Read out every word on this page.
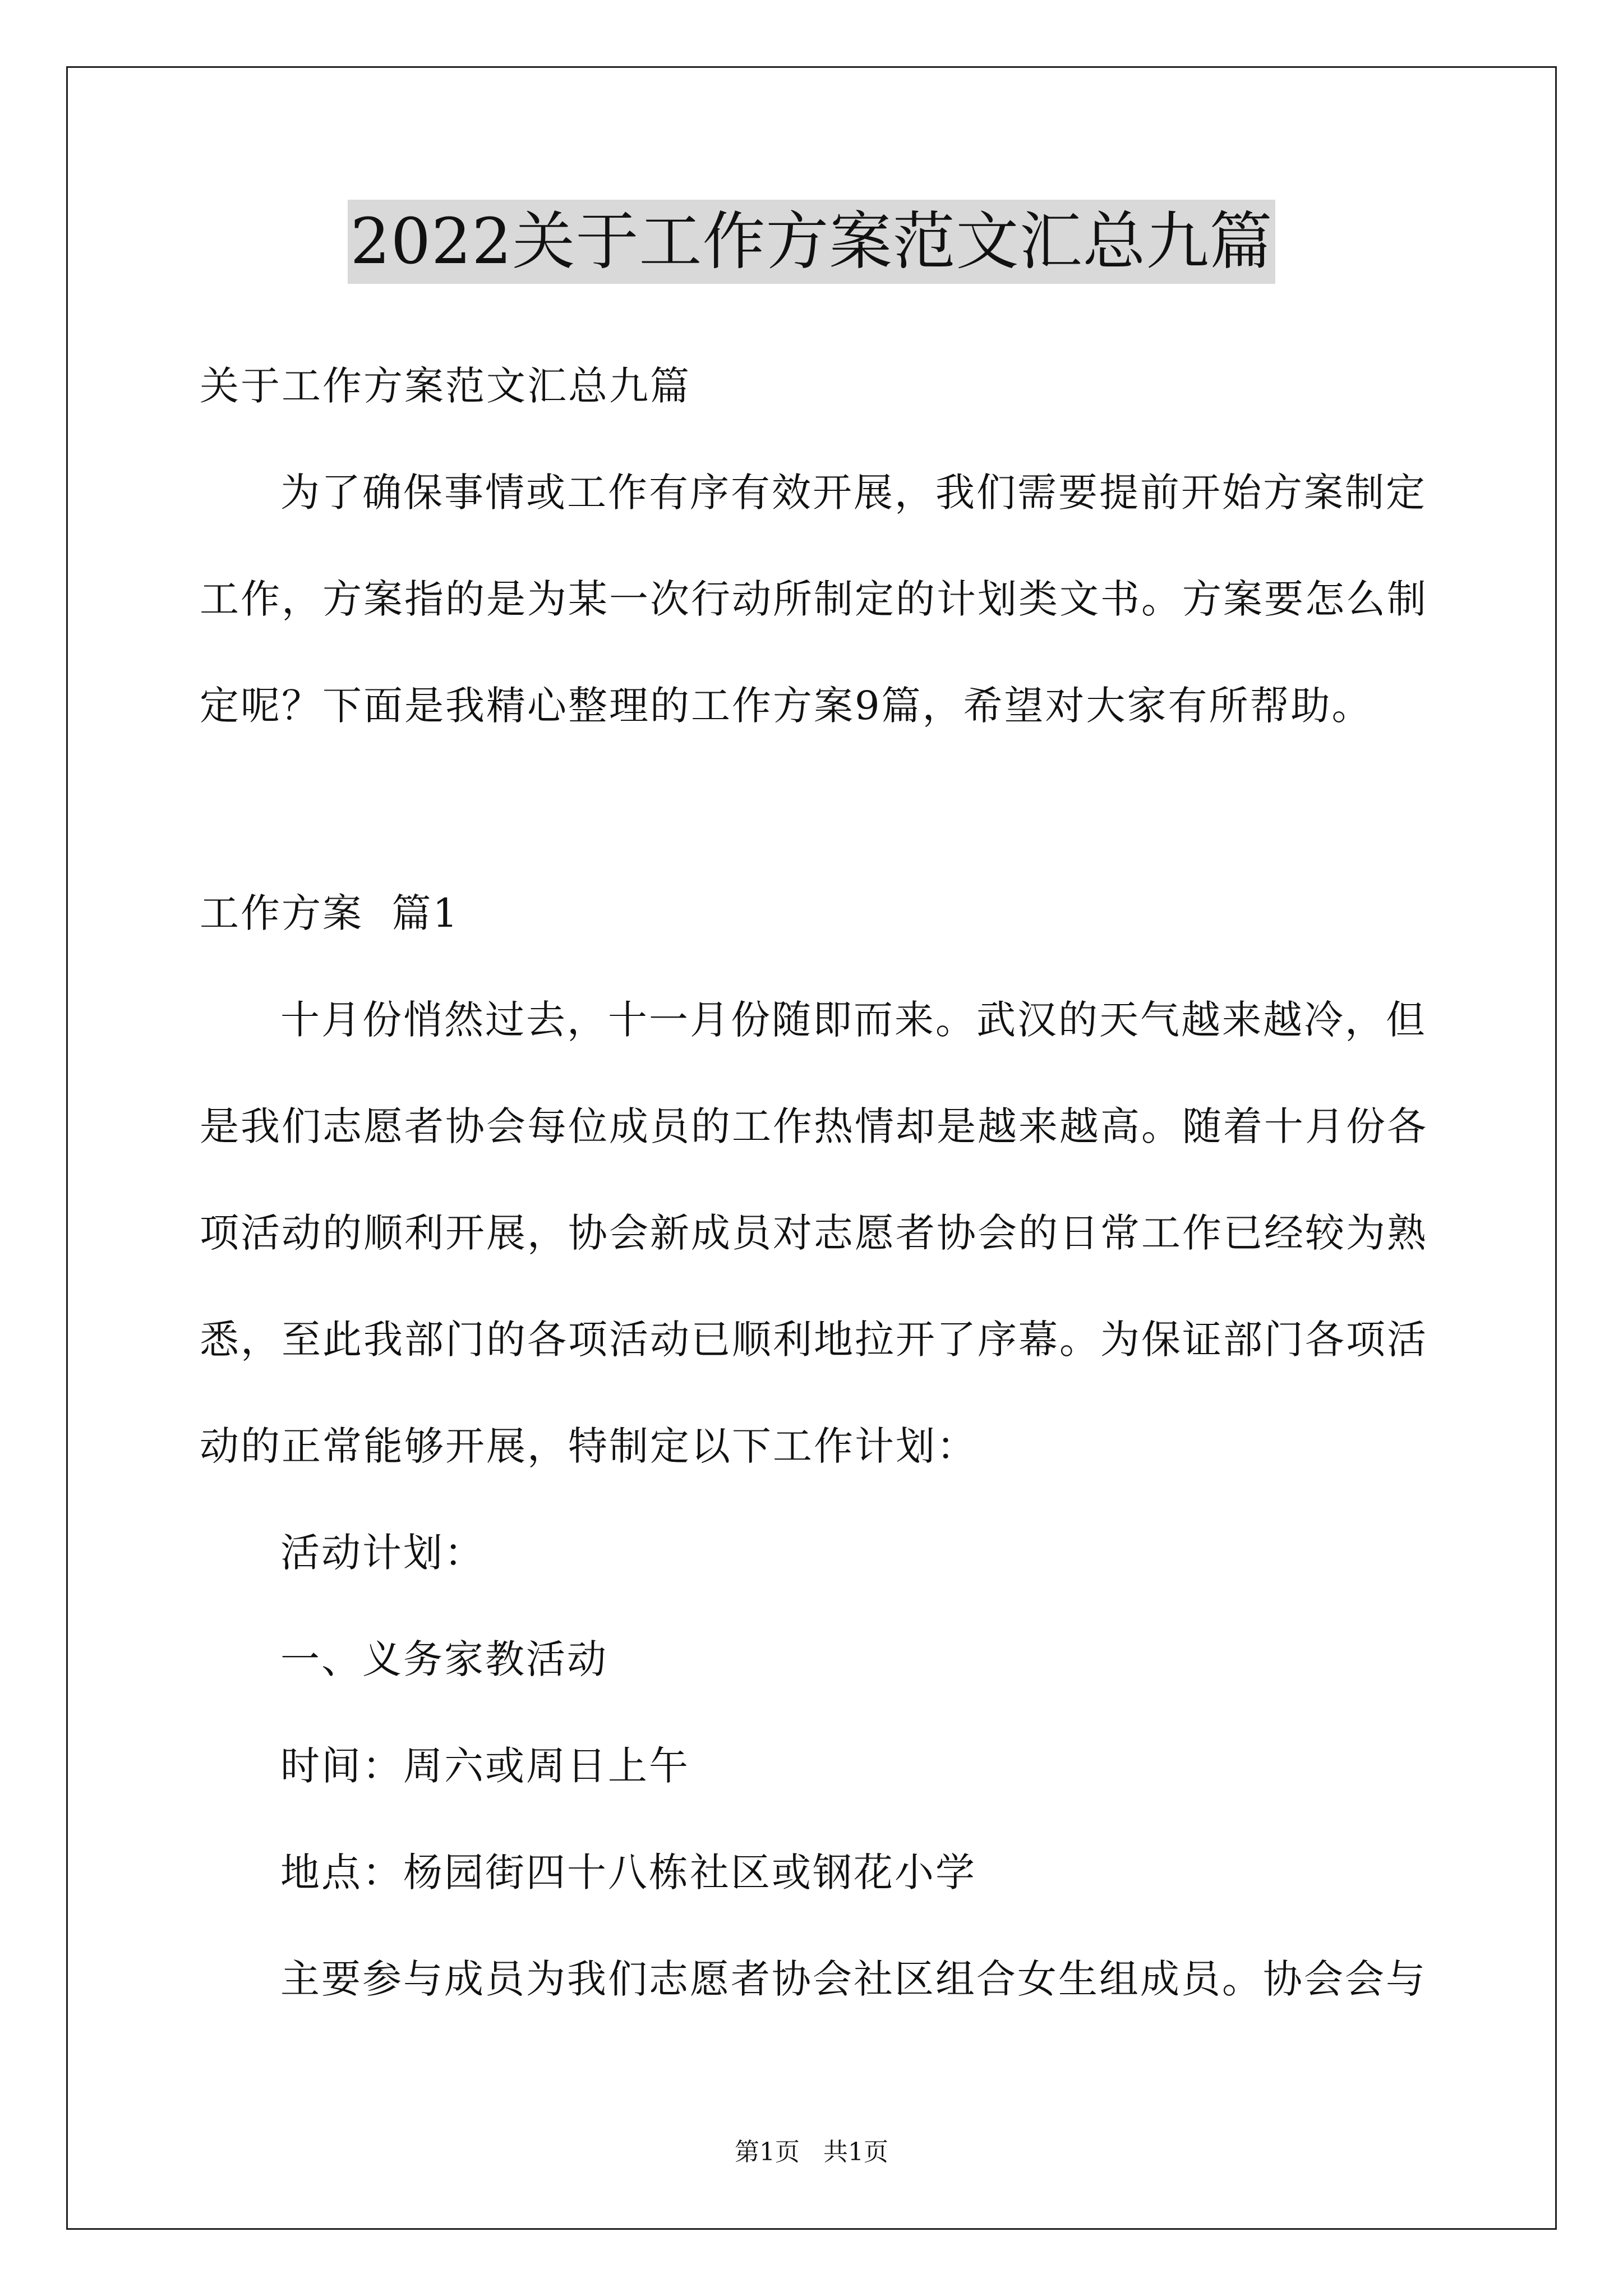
2022关于工作方案范文汇总九篇

关于工作方案范文汇总九篇

为了确保事情或工作有序有效开展，我们需要提前开始方案制定

工作，方案指的是为某一次行动所制定的计划类文书。方案要怎么制

定呢？下面是我精心整理的工作方案9篇，希望对大家有所帮助。

工作方案  篇1

十月份悄然过去，十一月份随即而来。武汉的天气越来越冷，但

是我们志愿者协会每位成员的工作热情却是越来越高。随着十月份各

项活动的顺利开展，协会新成员对志愿者协会的日常工作已经较为熟

悉，至此我部门的各项活动已顺利地拉开了序幕。为保证部门各项活

动的正常能够开展，特制定以下工作计划：

活动计划：

一、义务家教活动

时间：周六或周日上午

地点：杨园街四十八栋社区或钢花小学

主要参与成员为我们志愿者协会社区组合女生组成员。协会会与

第1页   共1页
